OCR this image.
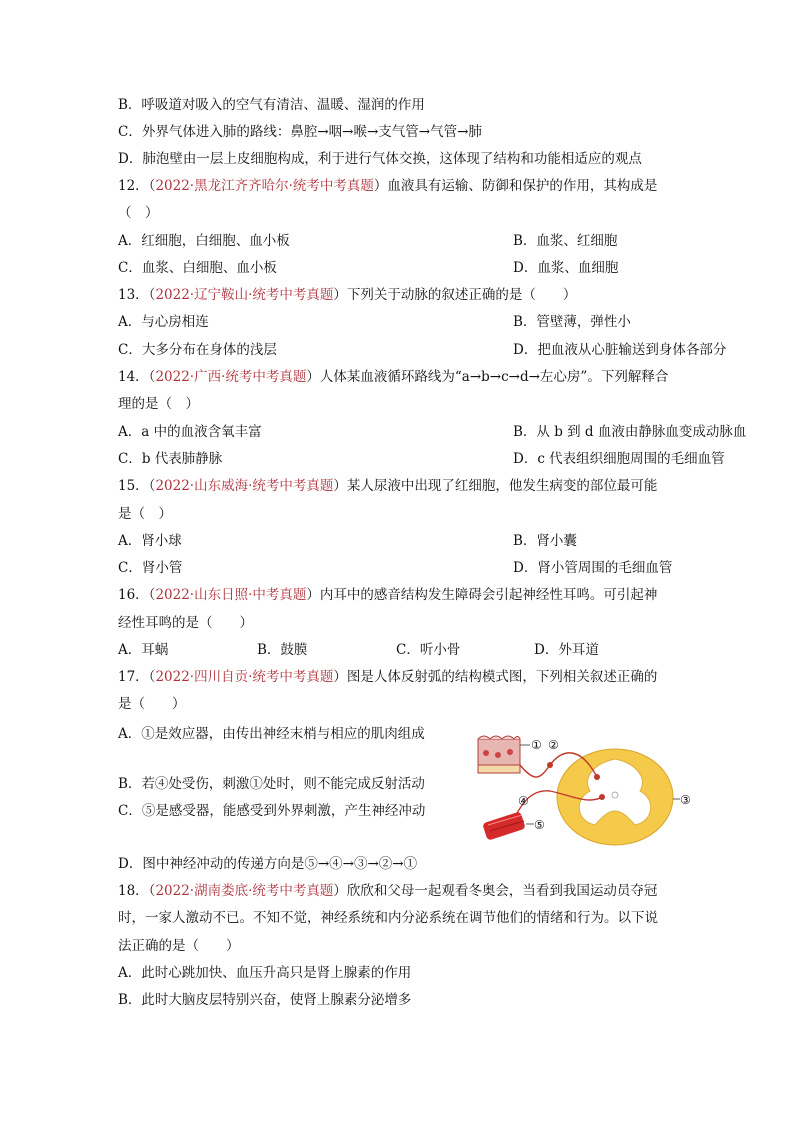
B．呼吸道对吸入的空气有清洁、温暖、湿润的作用
C．外界气体进入肺的路线：鼻腔→咽→喉→支气管→气管→肺
D．肺泡壁由一层上皮细胞构成，利于进行气体交换，这体现了结构和功能相适应的观点
12．（2022·黑龙江齐齐哈尔·统考中考真题）血液具有运输、防御和保护的作用，其构成是
（　）
A．红细胞，白细胞、血小板	B．血浆、红细胞
C．血浆、白细胞、血小板	D．血浆、血细胞
13．（2022·辽宁鞍山·统考中考真题）下列关于动脉的叙述正确的是（　　）
A．与心房相连	B．管壁薄，弹性小
C．大多分布在身体的浅层	D．把血液从心脏输送到身体各部分
14．（2022·广西·统考中考真题）人体某血液循环路线为“a→b→c→d→左心房”。下列解释合
理的是（　）
A．a 中的血液含氧丰富	B．从 b 到 d 血液由静脉血变成动脉血
C．b 代表肺静脉	D．c 代表组织细胞周围的毛细血管
15．（2022·山东威海·统考中考真题）某人尿液中出现了红细胞，他发生病变的部位最可能
是（　）
A．肾小球	B．肾小囊
C．肾小管	D．肾小管周围的毛细血管
16．（2022·山东日照·中考真题）内耳中的感音结构发生障碍会引起神经性耳鸣。可引起神
经性耳鸣的是（　　）
A．耳蜗	B．鼓膜	C．听小骨	D．外耳道
17．（2022·四川自贡·统考中考真题）图是人体反射弧的结构模式图，下列相关叙述正确的
是（　　）
A．①是效应器，由传出神经末梢与相应的肌肉组成
B．若④处受伤，刺激①处时，则不能完成反射活动
C．⑤是感受器，能感受到外界刺激，产生神经冲动
D．图中神经冲动的传递方向是⑤→④→③→②→①
① ②
③
④
⑤
18．（2022·湖南娄底·统考中考真题）欣欣和父母一起观看冬奥会，当看到我国运动员夺冠
时，一家人激动不已。不知不觉，神经系统和内分泌系统在调节他们的情绪和行为。以下说
法正确的是（　　）
A．此时心跳加快、血压升高只是肾上腺素的作用
B．此时大脑皮层特别兴奋，使肾上腺素分泌增多
